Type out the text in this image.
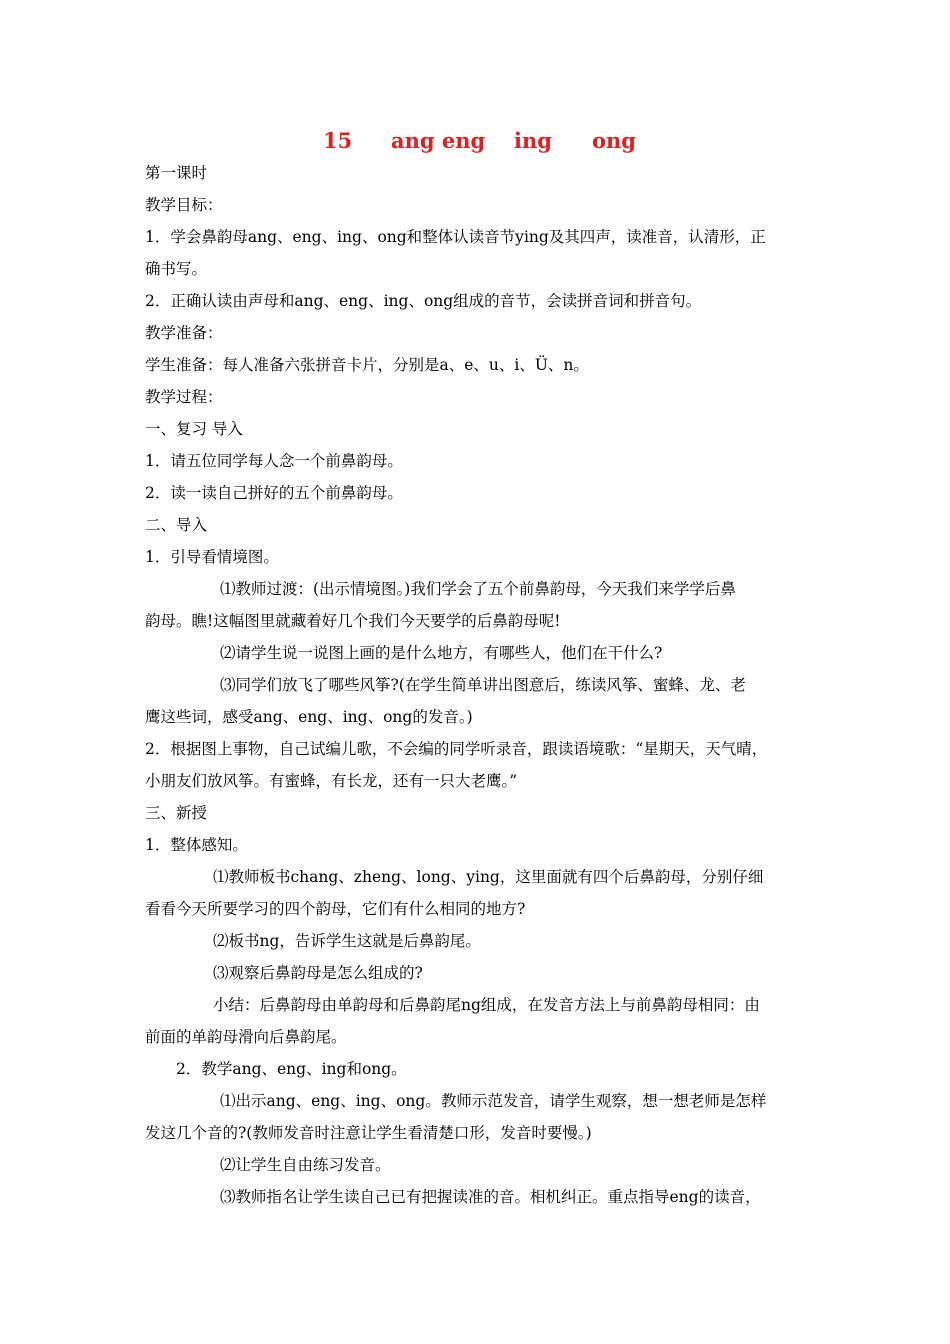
15 ang eng ing ong
第一课时
教学目标：
1．学会鼻韵母ang、eng、ing、ong和整体认读音节ying及其四声，读准音，认清形，正
确书写。
2．正确认读由声母和ang、eng、ing、ong组成的音节，会读拼音词和拼音句。
教学准备：
学生准备：每人准备六张拼音卡片，分别是a、e、u、i、Ü、n。
教学过程：
一、复习 导入
1．请五位同学每人念一个前鼻韵母。
2．读一读自己拼好的五个前鼻韵母。
二、导入
1．引导看情境图。
⑴教师过渡：(出示情境图。)我们学会了五个前鼻韵母，今天我们来学学后鼻
韵母。瞧!这幅图里就藏着好几个我们今天要学的后鼻韵母呢!
⑵请学生说一说图上画的是什么地方，有哪些人，他们在干什么?
⑶同学们放飞了哪些风筝?(在学生简单讲出图意后，练读风筝、蜜蜂、龙、老
鹰这些词，感受ang、eng、ing、ong的发音。)
2．根据图上事物，自己试编儿歌，不会编的同学听录音，跟读语境歌：“星期天，天气晴，
小朋友们放风筝。有蜜蜂，有长龙，还有一只大老鹰。”
三、新授
1．整体感知。
⑴教师板书chang、zheng、long、ying，这里面就有四个后鼻韵母，分别仔细
看看今天所要学习的四个韵母，它们有什么相同的地方?
⑵板书ng，告诉学生这就是后鼻韵尾。
⑶观察后鼻韵母是怎么组成的?
小结：后鼻韵母由单韵母和后鼻韵尾ng组成，在发音方法上与前鼻韵母相同：由
前面的单韵母滑向后鼻韵尾。
2．教学ang、eng、ing和ong。
⑴出示ang、eng、ing、ong。教师示范发音，请学生观察，想一想老师是怎样
发这几个音的?(教师发音时注意让学生看清楚口形，发音时要慢。)
⑵让学生自由练习发音。
⑶教师指名让学生读自己已有把握读准的音。相机纠正。重点指导eng的读音，
